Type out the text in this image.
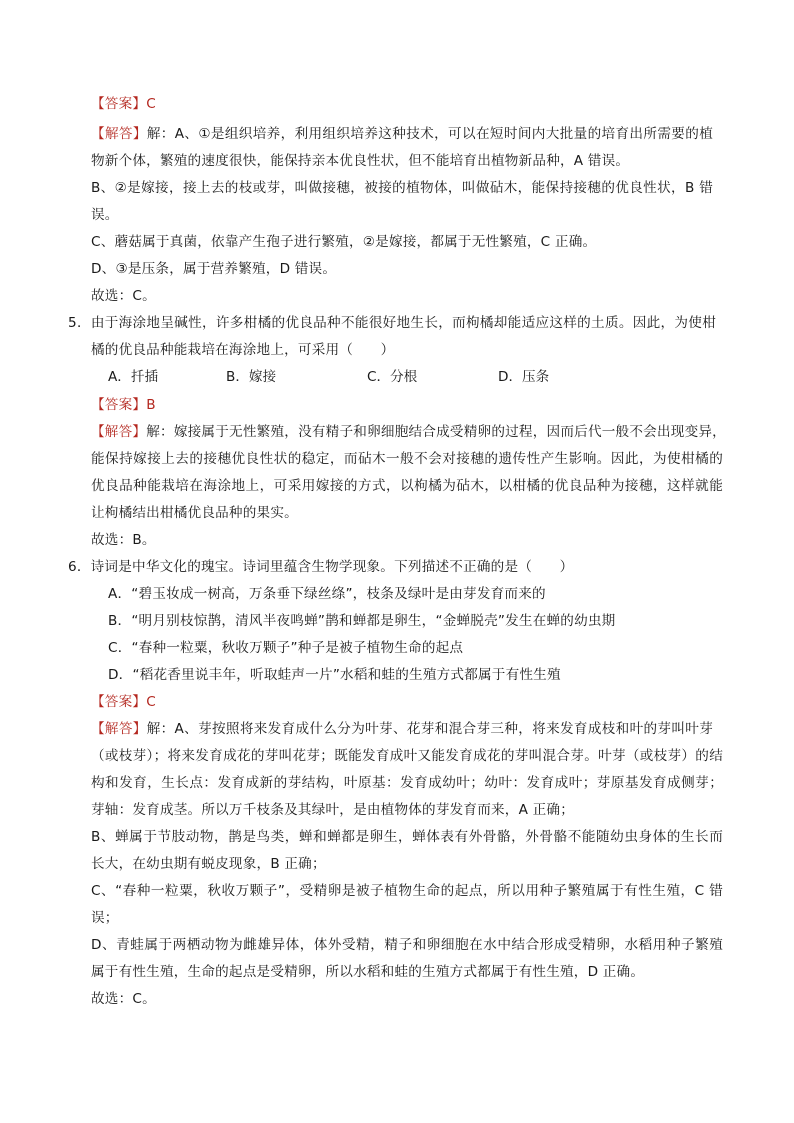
【答案】C
【解答】解：A、①是组织培养，利用组织培养这种技术，可以在短时间内大批量的培育出所需要的植
物新个体，繁殖的速度很快，能保持亲本优良性状，但不能培育出植物新品种，A 错误。
B、②是嫁接，接上去的枝或芽，叫做接穗，被接的植物体，叫做砧木，能保持接穗的优良性状，B 错
误。
C、蘑菇属于真菌，依靠产生孢子进行繁殖，②是嫁接，都属于无性繁殖，C 正确。
D、③是压条，属于营养繁殖，D 错误。
故选：C。
5．由于海涂地呈碱性，许多柑橘的优良品种不能很好地生长，而枸橘却能适应这样的土质。因此，为使柑
橘的优良品种能栽培在海涂地上，可采用（　　）
A．扦插	B．嫁接	C．分根	D．压条
【答案】B
【解答】解：嫁接属于无性繁殖，没有精子和卵细胞结合成受精卵的过程，因而后代一般不会出现变异，
能保持嫁接上去的接穗优良性状的稳定，而砧木一般不会对接穗的遗传性产生影响。因此，为使柑橘的
优良品种能栽培在海涂地上，可采用嫁接的方式，以枸橘为砧木，以柑橘的优良品种为接穗，这样就能
让枸橘结出柑橘优良品种的果实。
故选：B。
6．诗词是中华文化的瑰宝。诗词里蕴含生物学现象。下列描述不正确的是（　　）
A．“碧玉妆成一树高，万条垂下绿丝绦”，枝条及绿叶是由芽发育而来的
B．“明月别枝惊鹊，清风半夜鸣蝉”鹊和蝉都是卵生，“金蝉脱壳”发生在蝉的幼虫期
C．“春种一粒粟，秋收万颗子”种子是被子植物生命的起点
D．“稻花香里说丰年，听取蛙声一片”水稻和蛙的生殖方式都属于有性生殖
【答案】C
【解答】解：A、芽按照将来发育成什么分为叶芽、花芽和混合芽三种，将来发育成枝和叶的芽叫叶芽
（或枝芽）；将来发育成花的芽叫花芽；既能发育成叶又能发育成花的芽叫混合芽。叶芽（或枝芽）的结
构和发育，生长点：发育成新的芽结构，叶原基：发育成幼叶；幼叶：发育成叶；芽原基发育成侧芽；
芽轴：发育成茎。所以万千枝条及其绿叶，是由植物体的芽发育而来，A 正确；
B、蝉属于节肢动物，鹊是鸟类，蝉和蝉都是卵生，蝉体表有外骨骼，外骨骼不能随幼虫身体的生长而
长大，在幼虫期有蜕皮现象，B 正确；
C、“春种一粒粟，秋收万颗子”，受精卵是被子植物生命的起点，所以用种子繁殖属于有性生殖，C 错
误；
D、青蛙属于两栖动物为雌雄异体，体外受精，精子和卵细胞在水中结合形成受精卵，水稻用种子繁殖
属于有性生殖，生命的起点是受精卵，所以水稻和蛙的生殖方式都属于有性生殖，D 正确。
故选：C。
